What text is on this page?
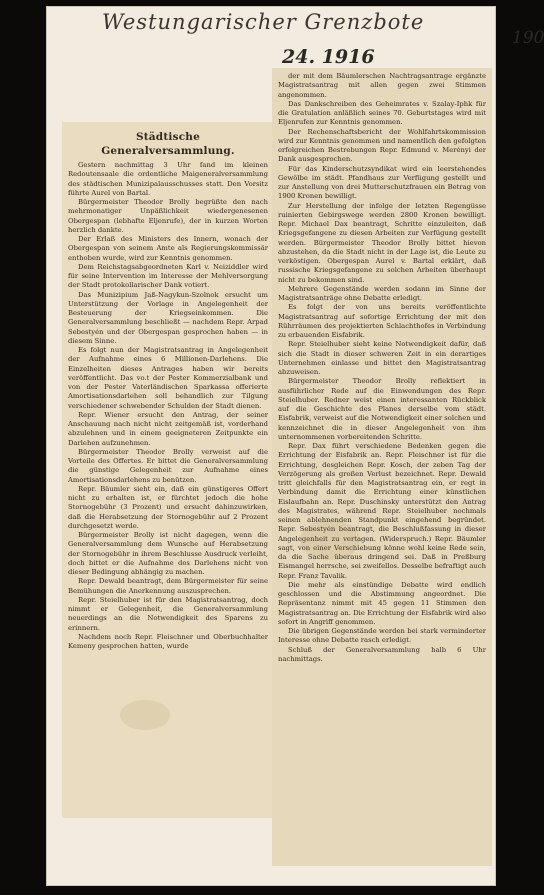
Westungarischer Grenzbote
24. 1916
190
Städtische Generalversammlung.

Gestern nachmittag 3 Uhr fand im kleinen Redoutensaale die ordentliche Maigeneralversammlung des städtischen Munizipalausschusses statt. Den Vorsitz führte Aurel von Bartal.

Bürgermeister Theodor Brolly begrüßte den nach mehrmonatiger Unpäßlichkeit wiedergenesenen Obergespan (lebhafte Eljenrufe), der in kurzen Worten herzlich dankte.

Der Erlaß des Ministers des Innern, wonach der Obergespan von seinem Amte als Regierungskommissär enthoben wurde, wird zur Kenntnis genommen.

Dem Reichstagsabgeordneten Karl v. Neiziddler wird für seine Intervention im Interesse der Mehlversorgung der Stadt protokollarischer Dank votiert.

Das Munizipium Jaß-Nagykun-Szolnok ersucht um Unterstützung der Vorlage in Angelegenheit der Besteuerung der Kriegseinkommen. Die Generalversammlung beschließt — nachdem Repr. Arpad Sebestyén und der Obergespan gesprochen haben — in diesem Sinne.

Es folgt nun der Magistratsantrag in Angelegenheit der Aufnahme eines 6 Millionen-Darlehens. Die Einzelheiten dieses Antrages haben wir bereits veröffentlicht. Das vo.t der Pester Kommerzialbank und von der Pester Vaterländischen Sparkassa offerierte Amortisationsdarlehen soll behandlich zur Tilgung verschiedener schwebender Schulden der Stadt dienen.

Repr. Wiener ersucht den Antrag, der seiner Anschauung nach nicht nicht zeitgemäß ist, vorderhand abzulehnen und in einem geeigneteren Zeitpunkte ein Darlehen aufzunehmen.

Bürgermeister Theodor Brolly verweist auf die Vorteile des Offertes. Er bittet die Generalversammlung die günstige Gelegenheit zur Aufnahme eines Amortisationsdarlehens zu benützen.

Repr. Bäumler sieht ein, daß ein günstigeres Offert nicht zu erhalten ist, er fürchtet jedoch die hohe Stornogebühr (3 Prozent) und ersucht dahinzuwirken, daß die Herabsetzung der Stornogebühr auf 2 Prozent durchgesetzt werde.

Bürgermeister Brolly ist nicht dagegen, wenn die Generalversammlung dem Wunsche auf Herabsetzung der Stornogebühr in ihrem Beschlusse Ausdruck verleiht, doch bittet er die Aufnahme des Darlehens nicht von dieser Bedingung abhängig zu machen.

Repr. Dewald beantragt, dem Bürgermeister für seine Bemühungen die Anerkennung auszusprechen.

Repr. Steielhuber ist für den Magistratsantrag, doch nimmt er Gelegenheit, die Generalversammlung neuerdings an die Notwendigkeit des Sparens zu erinnern.

Nachdem noch Repr. Fleischner und Oberbuchhalter Kemeny gesprochen hatten, wurde

der mit dem Bäumlerschen Nachtragsantrage ergänzte Magistratsantrag mit allen gegen zwei Stimmen angenommen.

Das Dankschreiben des Geheimrates v. Szalay-Iphk für die Gratulation anläßlich seines 70. Geburtstages wird mit Eljenrufen zur Kenntnis genommen.

Der Rechenschaftsbericht der Wohlfahrtskommission wird zur Kenntnis genommen und namentlich den gefolgten erfolgreichen Bestrebungen Repr. Edmund v. Merényi der Dank ausgesprochen.

Für das Kinderschutzsyndikat wird ein leerstehendes Gewölbe im städt. Pfandhaus zur Verfügung gestellt und zur Anstellung von drei Mutterschutzfrauen ein Betrag von 1900 Kronen bewilligt.

Zur Herstellung der infolge der letzten Regengüsse ruinierten Gebirgswege werden 2800 Kronen bewilligt. Repr. Michael Dax beantragt, Schritte einzuleiten, daß Kriegsgefangene zu diesen Arbeiten zur Verfügung gestellt werden. Bürgermeister Theodor Brolly bittet hievon abzustehen, da die Stadt nicht in der Lage ist, die Leute zu verköstigen. Obergespan Aurel v. Bartal erklärt, daß russische Kriegsgefangene zu solchen Arbeiten überhaupt nicht zu bekommen sind.

Mehrere Gegenstände werden sodann im Sinne der Magistratsanträge ohne Debatte erledigt.

Es folgt der von uns bereits veröffentlichte Magistratsantrag auf sofortige Errichtung der mit den Rührräumen des projektierten Schlachthofes in Verbindung zu erbauenden Eisfabrik.

Repr. Steielhuber sieht keine Notwendigkeit dafür, daß sich die Stadt in dieser schweren Zeit in ein derartiges Unternehmen einlasse und bittet den Magistratsantrag abzuweisen.

Bürgermeister Theodor Brolly reflektiert in ausführlicher Rede auf die Einwendungen des Repr. Steielhuber. Redner weist einen interessanten Rückblick auf die Geschichte des Planes derselbe vom städt. Eisfabrik, verweist auf die Notwendigkeit einer solchen und kennzeichnet die in dieser Angelegenheit von ihm unternommenen vorbereitenden Schritte.

Repr. Dax führt verschiedene Bedenken gegen die Errichtung der Eisfabrik an. Repr. Fleischner ist für die Errichtung, desgleichen Repr. Kosch, der zeben Tag der Verzögerung als großen Verlust bezeichnet. Repr. Dewald tritt gleichfalls für den Magistratsantrag ein, er regt in Verbindung damit die Errichtung einer künstlichen Eislaufbahn an. Repr. Duschinsky unterstützt den Antrag des Magistrates, während Repr. Steielhuber nochmals seinen ablehnenden Standpunkt eingehend begründet. Repr. Sebestyén beantragt, die Beschlußfassung in dieser Angelegenheit zu vertagen. (Widerspruch.) Repr. Bäumler sagt, von einer Verschiebung könne wohl keine Rede sein, da die Sache überaus dringend sei. Daß in Preßburg Eismangel herrsche, sei zweifellos. Desselbe befraftigt auch Repr. Franz Tavalik.

Die mehr als einstündige Debatte wird endlich geschlossen und die Abstimmung angeordnet. Die Repräsentanz nimmt mit 45 gegen 11 Stimmen den Magistratsantrag an. Die Errichtung der Eisfabrik wird also sofort in Angriff genommen.

Die übrigen Gegenstände werden bei stark verminderter Interesse ohne Debatte rasch erledigt.

Schluß der Generalversammlung halb 6 Uhr nachmittags.
